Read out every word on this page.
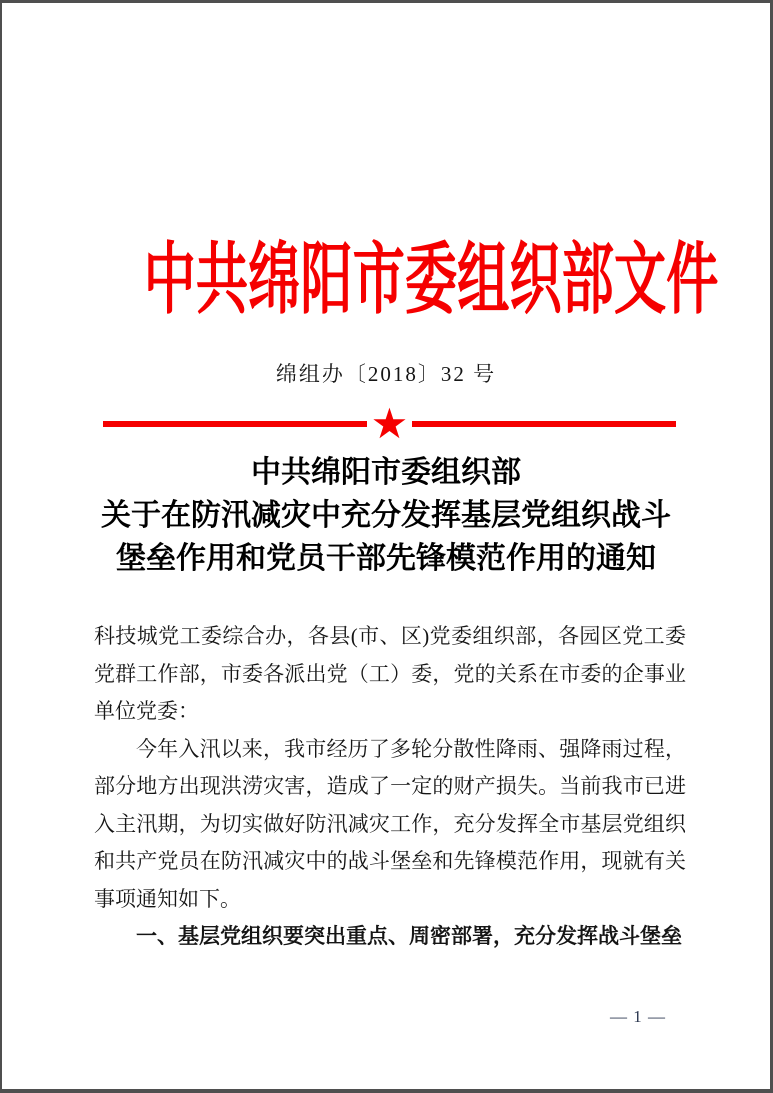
中共绵阳市委组织部文件
绵组办〔2018〕32 号
★
中共绵阳市委组织部
关于在防汛减灾中充分发挥基层党组织战斗
堡垒作用和党员干部先锋模范作用的通知

科技城党工委综合办，各县(市、区)党委组织部，各园区党工委党群工作部，市委各派出党（工）委，党的关系在市委的企事业单位党委：

今年入汛以来，我市经历了多轮分散性降雨、强降雨过程，部分地方出现洪涝灾害，造成了一定的财产损失。当前我市已进入主汛期，为切实做好防汛减灾工作，充分发挥全市基层党组织和共产党员在防汛减灾中的战斗堡垒和先锋模范作用，现就有关事项通知如下。

一、基层党组织要突出重点、周密部署，充分发挥战斗堡垒

— 1 —
